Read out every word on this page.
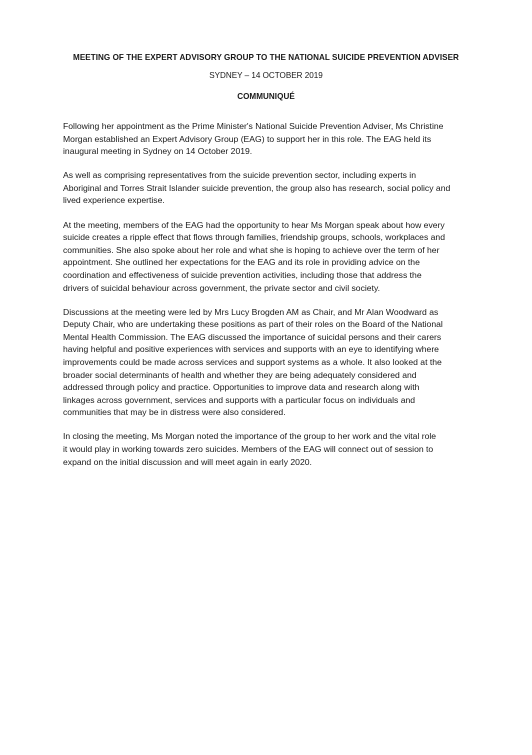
MEETING OF THE EXPERT ADVISORY GROUP TO THE NATIONAL SUICIDE PREVENTION ADVISER
SYDNEY – 14 OCTOBER 2019
COMMUNIQUÉ
Following her appointment as the Prime Minister's National Suicide Prevention Adviser, Ms Christine
Morgan established an Expert Advisory Group (EAG) to support her in this role. The EAG held its
inaugural meeting in Sydney on 14 October 2019.
As well as comprising representatives from the suicide prevention sector, including experts in
Aboriginal and Torres Strait Islander suicide prevention, the group also has research, social policy and
lived experience expertise.
At the meeting, members of the EAG had the opportunity to hear Ms Morgan speak about how every
suicide creates a ripple effect that flows through families, friendship groups, schools, workplaces and
communities. She also spoke about her role and what she is hoping to achieve over the term of her
appointment. She outlined her expectations for the EAG and its role in providing advice on the
coordination and effectiveness of suicide prevention activities, including those that address the
drivers of suicidal behaviour across government, the private sector and civil society.
Discussions at the meeting were led by Mrs Lucy Brogden AM as Chair, and Mr Alan Woodward as
Deputy Chair, who are undertaking these positions as part of their roles on the Board of the National
Mental Health Commission. The EAG discussed the importance of suicidal persons and their carers
having helpful and positive experiences with services and supports with an eye to identifying where
improvements could be made across services and support systems as a whole. It also looked at the
broader social determinants of health and whether they are being adequately considered and
addressed through policy and practice. Opportunities to improve data and research along with
linkages across government, services and supports with a particular focus on individuals and
communities that may be in distress were also considered.
In closing the meeting, Ms Morgan noted the importance of the group to her work and the vital role
it would play in working towards zero suicides. Members of the EAG will connect out of session to
expand on the initial discussion and will meet again in early 2020.
